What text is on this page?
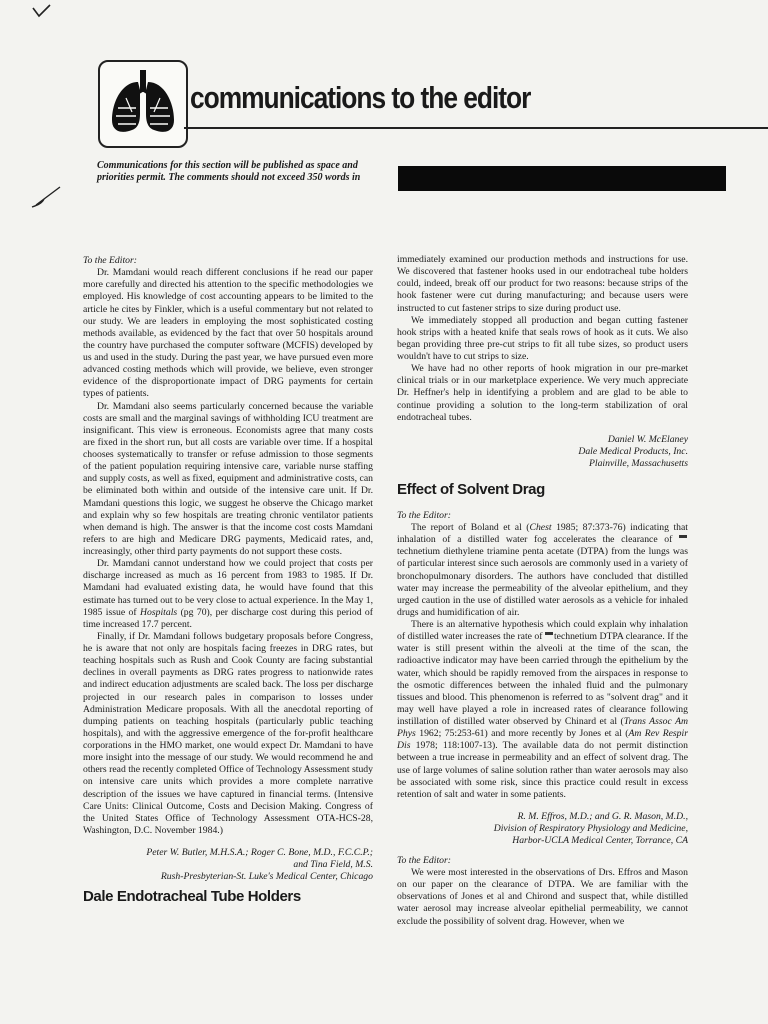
communications to the editor

Communications for this section will be published as space and priorities permit. The comments should not exceed 350 words in

To the Editor:

Dr. Mamdani would reach different conclusions if he read our paper more carefully and directed his attention to the specific methodologies we employed. His knowledge of cost accounting appears to be limited to the article he cites by Finkler, which is a useful commentary but not related to our study. We are leaders in employing the most sophisticated costing methods available, as evidenced by the fact that over 50 hospitals around the country have purchased the computer software (MCFIS) developed by us and used in the study. During the past year, we have pursued even more advanced costing methods which will provide, we believe, even stronger evidence of the disproportionate impact of DRG payments for certain types of patients.

Dr. Mamdani also seems particularly concerned because the variable costs are small and the marginal savings of withholding ICU treatment are insignificant. This view is erroneous. Economists agree that many costs are fixed in the short run, but all costs are variable over time. If a hospital chooses systematically to transfer or refuse admission to those segments of the patient population requiring intensive care, variable nurse staffing and supply costs, as well as fixed, equipment and administrative costs, can be eliminated both within and outside of the intensive care unit. If Dr. Mamdani questions this logic, we suggest he observe the Chicago market and explain why so few hospitals are treating chronic ventilator patients when demand is high. The answer is that the income cost costs Mamdani refers to are high and Medicare DRG payments, Medicaid rates, and, increasingly, other third party payments do not support these costs.

Dr. Mamdani cannot understand how we could project that costs per discharge increased as much as 16 percent from 1983 to 1985. If Dr. Mamdani had evaluated existing data, he would have found that this estimate has turned out to be very close to actual experience. In the May 1, 1985 issue of Hospitals (pg 70), per discharge cost during this period of time increased 17.7 percent.

Finally, if Dr. Mamdani follows budgetary proposals before Congress, he is aware that not only are hospitals facing freezes in DRG rates, but teaching hospitals such as Rush and Cook County are facing substantial declines in overall payments as DRG rates progress to nationwide rates and indirect education adjustments are scaled back. The loss per discharge projected in our research pales in comparison to losses under Administration Medicare proposals. With all the anecdotal reporting of dumping patients on teaching hospitals (particularly public teaching hospitals), and with the aggressive emergence of the for-profit healthcare corporations in the HMO market, one would expect Dr. Mamdani to have more insight into the message of our study. We would recommend he and others read the recently completed Office of Technology Assessment study on intensive care units which provides a more complete narrative description of the issues we have captured in financial terms. (Intensive Care Units: Clinical Outcome, Costs and Decision Making. Congress of the United States Office of Technology Assessment OTA-HCS-28, Washington, D.C. November 1984.)

Peter W. Butler, M.H.S.A.; Roger C. Bone, M.D., F.C.C.P.;

and Tina Field, M.S.

Rush-Presbyterian-St. Luke's Medical Center, Chicago

Dale Endotracheal Tube Holders

immediately examined our production methods and instructions for use. We discovered that fastener hooks used in our endotracheal tube holders could, indeed, break off our product for two reasons: because strips of the hook fastener were cut during manufacturing; and because users were instructed to cut fastener strips to size during product use.

We immediately stopped all production and began cutting fastener hook strips with a heated knife that seals rows of hook as it cuts. We also began providing three pre-cut strips to fit all tube sizes, so product users wouldn't have to cut strips to size.

We have had no other reports of hook migration in our pre-market clinical trials or in our marketplace experience. We very much appreciate Dr. Heffner's help in identifying a problem and are glad to be able to continue providing a solution to the long-term stabilization of oral endotracheal tubes.

Daniel W. McElaney

Dale Medical Products, Inc.

Plainville, Massachusetts

Effect of Solvent Drag

To the Editor:

The report of Boland et al (Chest 1985; 87:373-76) indicating that inhalation of a distilled water fog accelerates the clearance of technetium diethylene triamine penta acetate (DTPA) from the lungs was of particular interest since such aerosols are commonly used in a variety of bronchopulmonary disorders. The authors have concluded that distilled water may increase the permeability of the alveolar epithelium, and they urged caution in the use of distilled water aerosols as a vehicle for inhaled drugs and humidification of air.

There is an alternative hypothesis which could explain why inhalation of distilled water increases the rate of technetium DTPA clearance. If the water is still present within the alveoli at the time of the scan, the radioactive indicator may have been carried through the epithelium by the water, which should be rapidly removed from the airspaces in response to the osmotic differences between the inhaled fluid and the pulmonary tissues and blood. This phenomenon is referred to as "solvent drag" and it may well have played a role in increased rates of clearance following instillation of distilled water observed by Chinard et al (Trans Assoc Am Phys 1962; 75:253-61) and more recently by Jones et al (Am Rev Respir Dis 1978; 118:1007-13). The available data do not permit distinction between a true increase in permeability and an effect of solvent drag. The use of large volumes of saline solution rather than water aerosols may also be associated with some risk, since this practice could result in excess retention of salt and water in some patients.

R. M. Effros, M.D.; and G. R. Mason, M.D.,

Division of Respiratory Physiology and Medicine,

Harbor-UCLA Medical Center, Torrance, CA

To the Editor:

We were most interested in the observations of Drs. Effros and Mason on our paper on the clearance of DTPA. We are familiar with the observations of Jones et al and Chirond and suspect that, while distilled water aerosol may increase alveolar epithelial permeability, we cannot exclude the possibility of solvent drag. However, when we
